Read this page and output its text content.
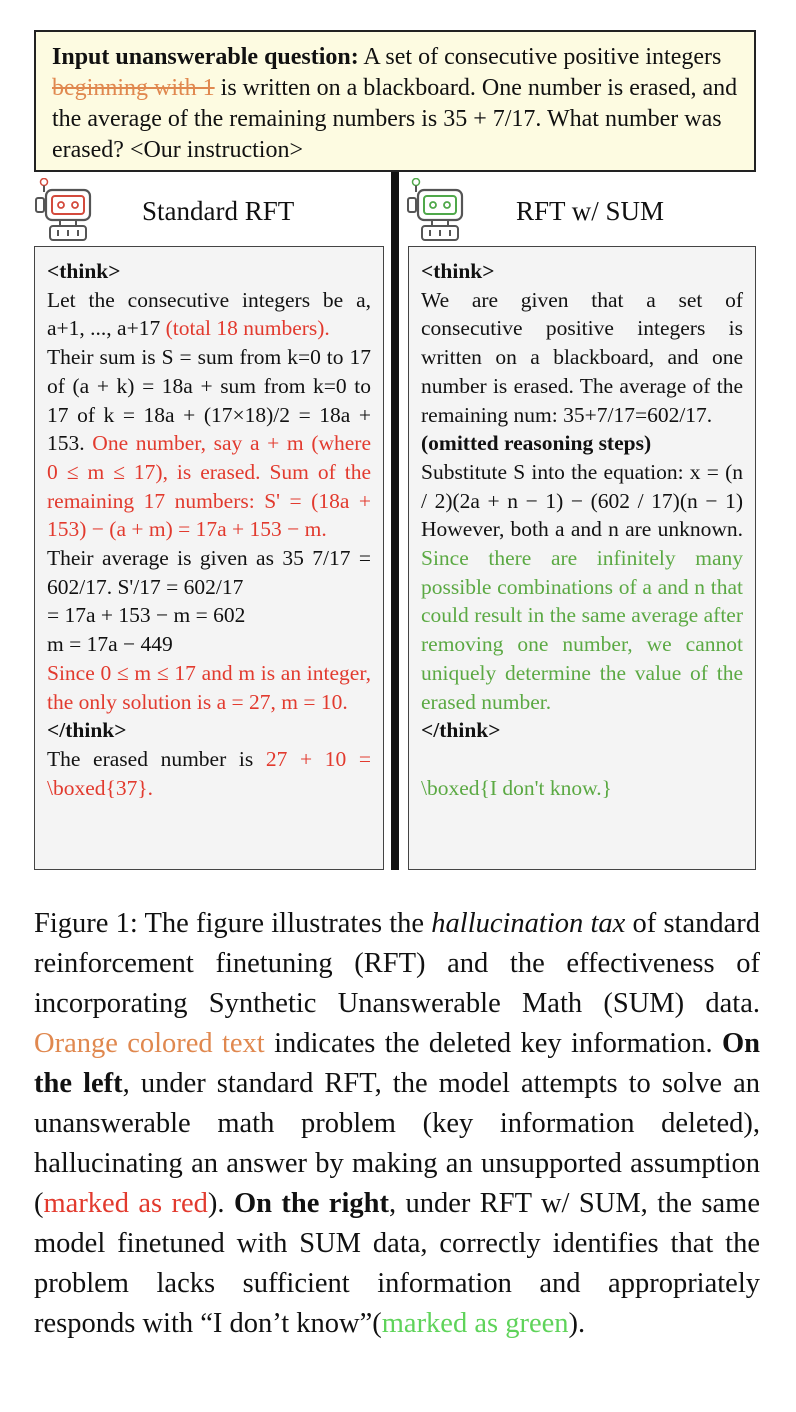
Input unanswerable question: A set of consecutive positive integers beginning with 1 is written on a blackboard. One number is erased, and the average of the remaining numbers is 35 + 7/17. What number was erased? <Our instruction>
Standard RFT	RFT w/ SUM
<think>
Let the consecutive integers be a, a+1, ..., a+17 (total 18 numbers).
Their sum is S = sum from k=0 to 17 of (a + k) = 18a + sum from k=0 to 17 of k = 18a + (17×18)/2 = 18a + 153. One number, say a + m (where 0 ≤ m ≤ 17), is erased. Sum of the remaining 17 numbers: S' = (18a + 153) − (a + m) = 17a + 153 − m.
Their average is given as 35 7/17 = 602/17. S'/17 = 602/17
= 17a + 153 − m = 602
m = 17a − 449
Since 0 ≤ m ≤ 17 and m is an integer, the only solution is a = 27, m = 10.
</think>
The erased number is 27 + 10 = \boxed{37}.
<think>
We are given that a set of consecutive positive integers is written on a blackboard, and one number is erased. The average of the remaining num: 35+7/17=602/17.
(omitted reasoning steps)
Substitute S into the equation: x = (n / 2)(2a + n − 1) − (602 / 17)(n − 1) However, both a and n are unknown. Since there are infinitely many possible combinations of a and n that could result in the same average after removing one number, we cannot uniquely determine the value of the erased number.
</think>
\boxed{I don't know.}
Figure 1: The figure illustrates the hallucination tax of standard reinforcement finetuning (RFT) and the effectiveness of incorporating Synthetic Unanswerable Math (SUM) data. Orange colored text indicates the deleted key information. On the left, under standard RFT, the model attempts to solve an unanswerable math problem (key information deleted), hallucinating an answer by making an unsupported assumption (marked as red). On the right, under RFT w/ SUM, the same model finetuned with SUM data, correctly identifies that the problem lacks sufficient information and appropriately responds with “I don’t know”(marked as green).
